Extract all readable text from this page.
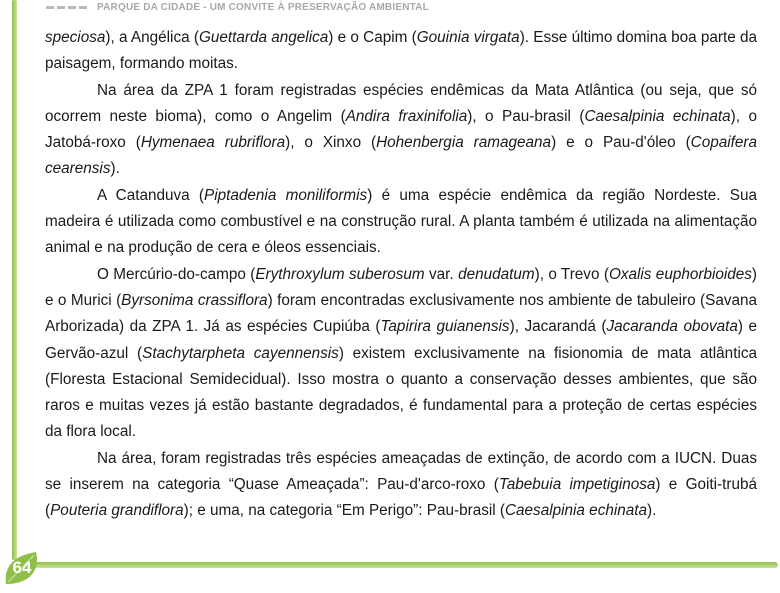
PARQUE DA CIDADE - UM CONVITE À PRESERVAÇÃO AMBIENTAL

speciosa), a Angélica (Guettarda angelica) e o Capim (Gouinia virgata). Esse último domina boa parte da paisagem, formando moitas.

Na área da ZPA 1 foram registradas espécies endêmicas da Mata Atlântica (ou seja, que só ocorrem neste bioma), como o Angelim (Andira fraxinifolia), o Pau-brasil (Caesalpinia echinata), o Jatobá-roxo (Hymenaea rubriflora), o Xinxo (Hohenbergia ramageana) e o Pau-d'óleo (Copaifera cearensis).

A Catanduva (Piptadenia moniliformis) é uma espécie endêmica da região Nordeste. Sua madeira é utilizada como combustível e na construção rural. A planta também é utilizada na alimentação animal e na produção de cera e óleos essenciais.

O Mercúrio-do-campo (Erythroxylum suberosum var. denudatum), o Trevo (Oxalis euphorbioides) e o Murici (Byrsonima crassiflora) foram encontradas exclusivamente nos ambiente de tabuleiro (Savana Arborizada) da ZPA 1. Já as espécies Cupiúba (Tapirira guianensis), Jacarandá (Jacaranda obovata) e Gervão-azul (Stachytarpheta cayennensis) existem exclusivamente na fisionomia de mata atlântica (Floresta Estacional Semidecidual). Isso mostra o quanto a conservação desses ambientes, que são raros e muitas vezes já estão bastante degradados, é fundamental para a proteção de certas espécies da flora local.

Na área, foram registradas três espécies ameaçadas de extinção, de acordo com a IUCN. Duas se inserem na categoria “Quase Ameaçada”: Pau-d'arco-roxo (Tabebuia impetiginosa) e Goiti-trubá (Pouteria grandiflora); e uma, na categoria “Em Perigo”: Pau-brasil (Caesalpinia echinata).

64
